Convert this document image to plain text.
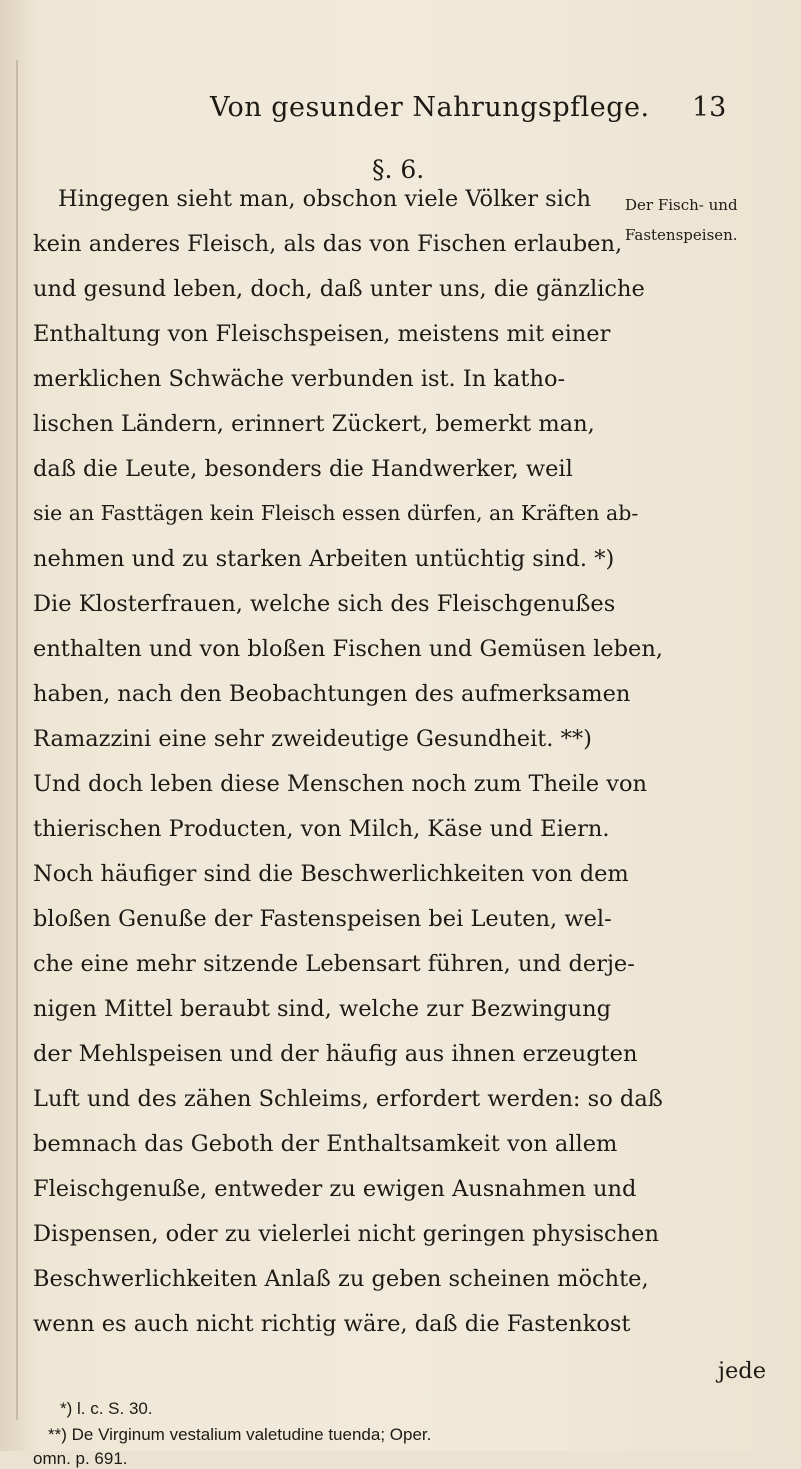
Von gesunder Nahrungspflege. 13
§. 6.
Der Fisch- und
Fastenspeisen.
Hingegen sieht man, obschon viele Völker sich
kein anderes Fleisch, als das von Fischen erlauben,
und gesund leben, doch, daß unter uns, die gänzliche
Enthaltung von Fleischspeisen, meistens mit einer
merklichen Schwäche verbunden ist. In katho-
lischen Ländern, erinnert Zückert, bemerkt man,
daß die Leute, besonders die Handwerker, weil
sie an Fasttägen kein Fleisch essen dürfen, an Kräften ab-
nehmen und zu starken Arbeiten untüchtig sind. *)
Die Klosterfrauen, welche sich des Fleischgenußes
enthalten und von bloßen Fischen und Gemüsen leben,
haben, nach den Beobachtungen des aufmerksamen
Ramazzini eine sehr zweideutige Gesundheit. **)
Und doch leben diese Menschen noch zum Theile von
thierischen Producten, von Milch, Käse und Eiern.
Noch häufiger sind die Beschwerlichkeiten von dem
bloßen Genuße der Fastenspeisen bei Leuten, wel-
che eine mehr sitzende Lebensart führen, und derje-
nigen Mittel beraubt sind, welche zur Bezwingung
der Mehlspeisen und der häufig aus ihnen erzeugten
Luft und des zähen Schleims, erfordert werden: so daß
bemnach das Geboth der Enthaltsamkeit von allem
Fleischgenuße, entweder zu ewigen Ausnahmen und
Dispensen, oder zu vielerlei nicht geringen physischen
Beschwerlichkeiten Anlaß zu geben scheinen möchte,
wenn es auch nicht richtig wäre, daß die Fastenkost
jede
*) l. c. S. 30.
**) De Virginum vestalium valetudine tuenda; Oper.
omn. p. 691.
